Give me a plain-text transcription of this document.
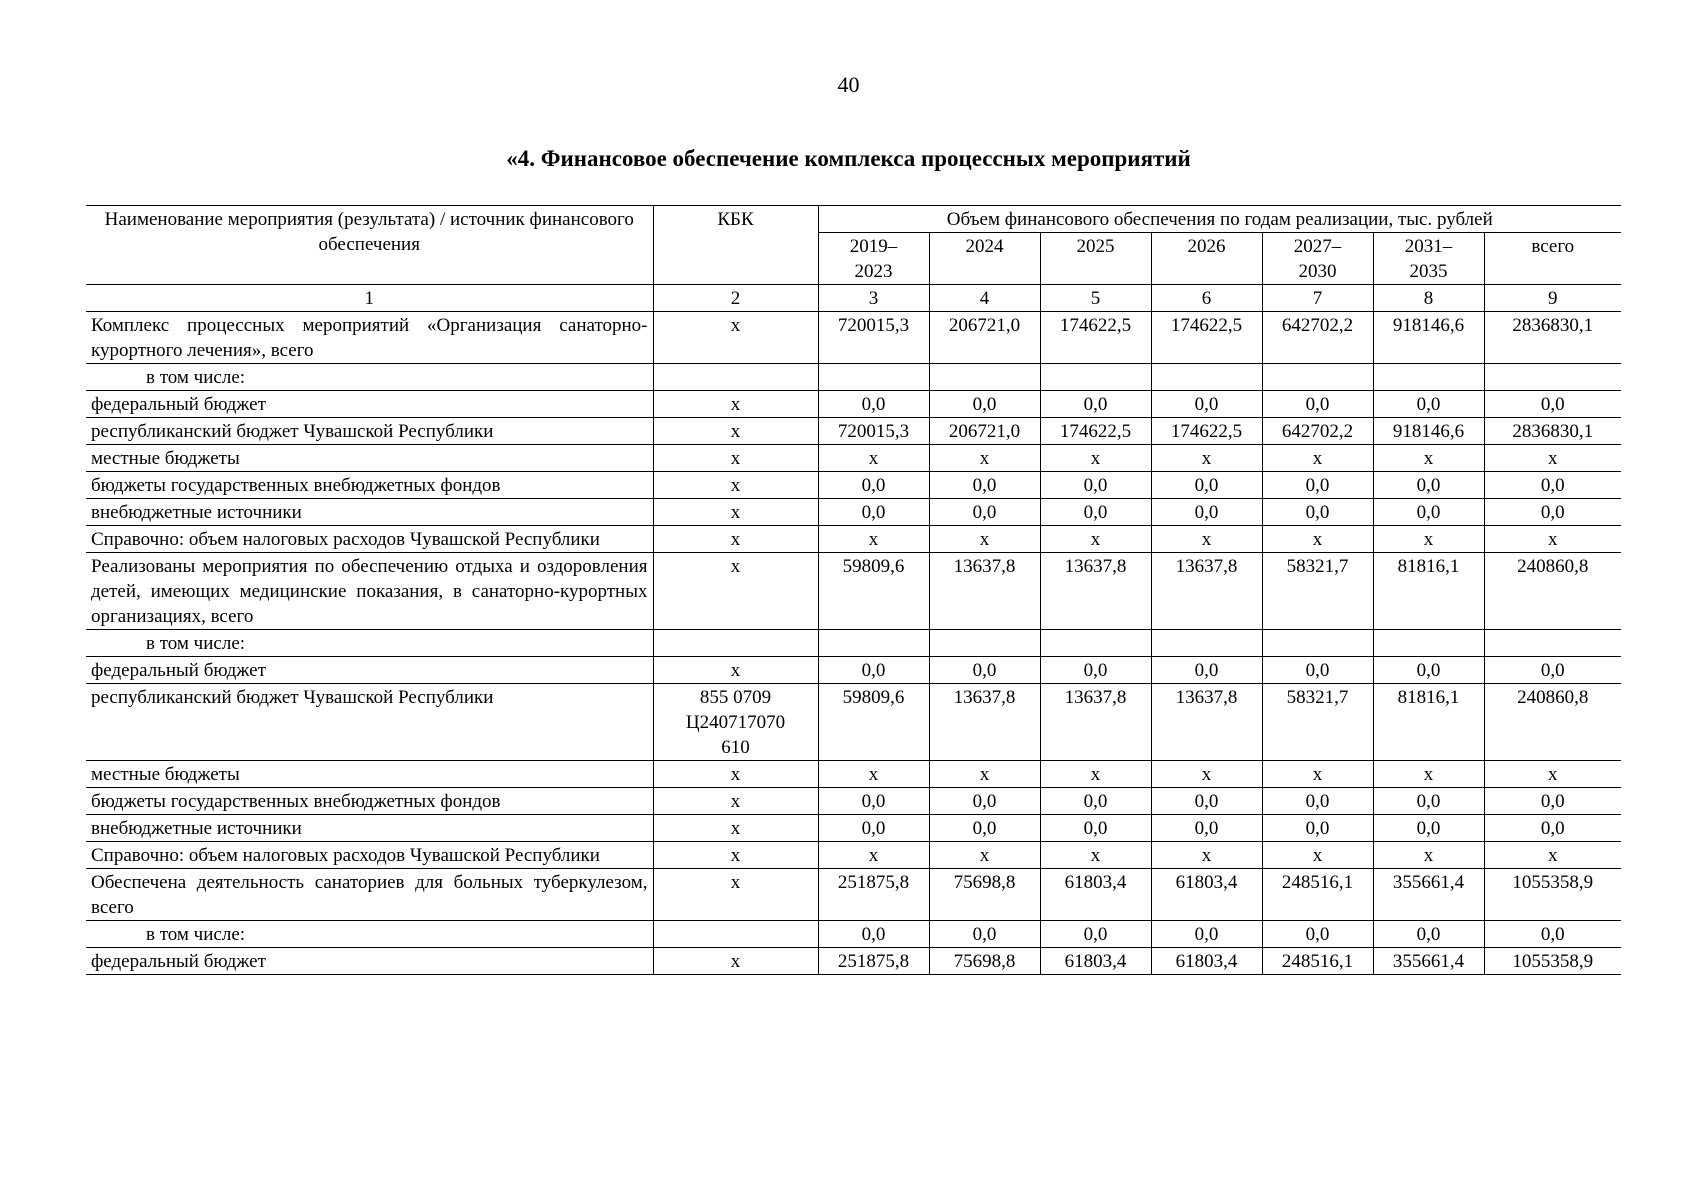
40
«4. Финансовое обеспечение комплекса процессных мероприятий
Наименование мероприятия (результата) / источник финансового обеспечения	КБК	Объем финансового обеспечения по годам реализации, тыс. рублей						
		2019–2023	2024	2025	2026	2027–2030	2031–2035	всего
1	2	3	4	5	6	7	8	9
Комплекс процессных мероприятий «Организация санаторно-курортного лечения», всего	x	720015,3	206721,0	174622,5	174622,5	642702,2	918146,6	2836830,1
в том числе:								
федеральный бюджет	x	0,0	0,0	0,0	0,0	0,0	0,0	0,0
республиканский бюджет Чувашской Республики	x	720015,3	206721,0	174622,5	174622,5	642702,2	918146,6	2836830,1
местные бюджеты	x	x	x	x	x	x	x	x
бюджеты государственных внебюджетных фондов	x	0,0	0,0	0,0	0,0	0,0	0,0	0,0
внебюджетные источники	x	0,0	0,0	0,0	0,0	0,0	0,0	0,0
Справочно: объем налоговых расходов Чувашской Республики	x	x	x	x	x	x	x	x
Реализованы мероприятия по обеспечению отдыха и оздоровления детей, имеющих медицинские показания, в санаторно-курортных организациях, всего	x	59809,6	13637,8	13637,8	13637,8	58321,7	81816,1	240860,8
в том числе:								
федеральный бюджет	x	0,0	0,0	0,0	0,0	0,0	0,0	0,0
республиканский бюджет Чувашской Республики	855 0709 Ц240717070 610	59809,6	13637,8	13637,8	13637,8	58321,7	81816,1	240860,8
местные бюджеты	x	x	x	x	x	x	x	x
бюджеты государственных внебюджетных фондов	x	0,0	0,0	0,0	0,0	0,0	0,0	0,0
внебюджетные источники	x	0,0	0,0	0,0	0,0	0,0	0,0	0,0
Справочно: объем налоговых расходов Чувашской Республики	x	x	x	x	x	x	x	x
Обеспечена деятельность санаториев для больных туберкулезом, всего	x	251875,8	75698,8	61803,4	61803,4	248516,1	355661,4	1055358,9
в том числе:		0,0	0,0	0,0	0,0	0,0	0,0	0,0
федеральный бюджет	x	251875,8	75698,8	61803,4	61803,4	248516,1	355661,4	1055358,9
